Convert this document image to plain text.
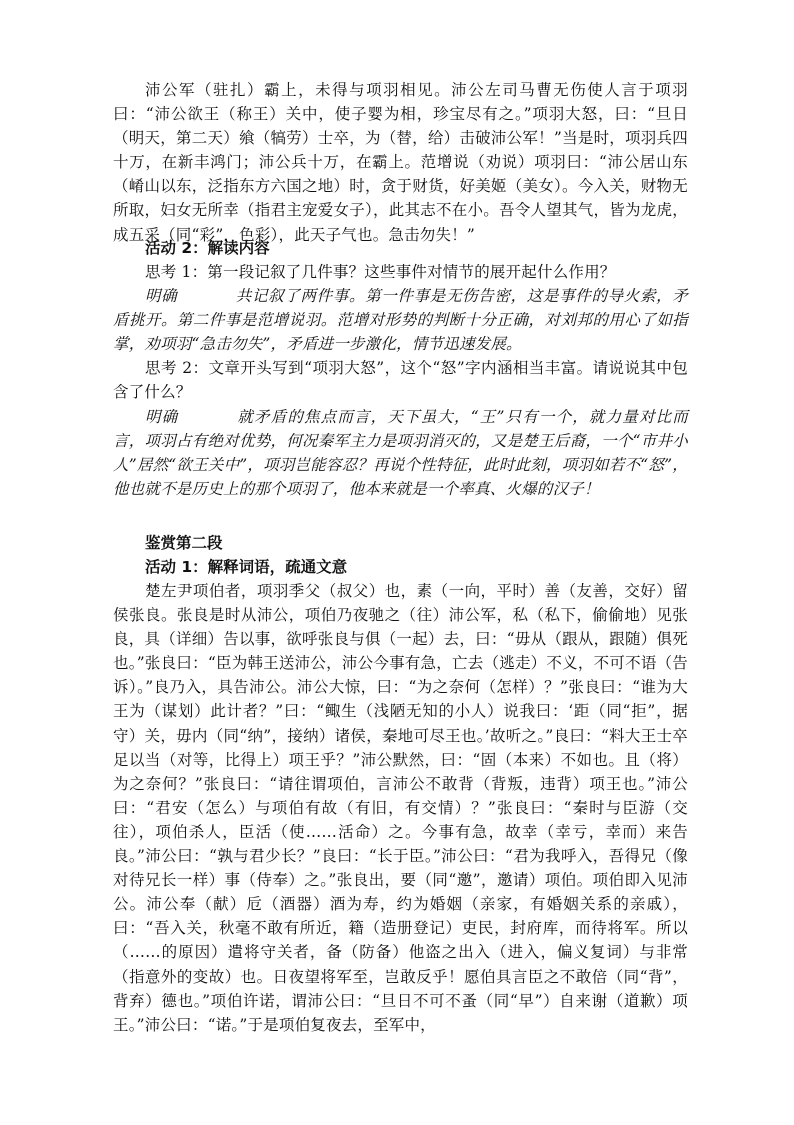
沛公军（驻扎）霸上，未得与项羽相见。沛公左司马曹无伤使人言于项羽曰：“沛公欲王（称王）关中，使子婴为相，珍宝尽有之。”项羽大怒，曰：“旦日（明天，第二天）飨（犒劳）士卒，为（替，给）击破沛公军！”当是时，项羽兵四十万，在新丰鸿门；沛公兵十万，在霸上。范增说（劝说）项羽曰：“沛公居山东（崤山以东，泛指东方六国之地）时，贪于财货，好美姬（美女）。今入关，财物无所取，妇女无所幸（指君主宠爱女子），此其志不在小。吾令人望其气，皆为龙虎，成五采（同“彩”，色彩），此天子气也。急击勿失！”
活动 2：解读内容
思考 1：第一段记叙了几件事？这些事件对情节的展开起什么作用？
明确	共记叙了两件事。第一件事是无伤告密，这是事件的导火索，矛盾挑开。第二件事是范增说羽。范增对形势的判断十分正确，对刘邦的用心了如指掌，劝项羽“急击勿失”，矛盾进一步激化，情节迅速发展。
思考 2：文章开头写到“项羽大怒”，这个“怒”字内涵相当丰富。请说说其中包含了什么？
明确	就矛盾的焦点而言，天下虽大，“王”只有一个，就力量对比而言，项羽占有绝对优势，何况秦军主力是项羽消灭的，又是楚王后裔，一个“市井小人”居然“欲王关中”，项羽岂能容忍？再说个性特征，此时此刻，项羽如若不“怒”，他也就不是历史上的那个项羽了，他本来就是一个率真、火爆的汉子！
鉴赏第二段
活动 1：解释词语，疏通文意
楚左尹项伯者，项羽季父（叔父）也，素（一向，平时）善（友善，交好）留侯张良。张良是时从沛公，项伯乃夜驰之（往）沛公军，私（私下，偷偷地）见张良，具（详细）告以事，欲呼张良与俱（一起）去，曰：“毋从（跟从，跟随）俱死也。”张良曰：“臣为韩王送沛公，沛公今事有急，亡去（逃走）不义，不可不语（告诉）。”良乃入，具告沛公。沛公大惊，曰：“为之奈何（怎样）？”张良曰：“谁为大王为（谋划）此计者？”曰：“鲰生（浅陋无知的小人）说我曰：‘距（同“拒”，据守）关，毋内（同“纳”，接纳）诸侯，秦地可尽王也。’故听之。”良曰：“料大王士卒足以当（对等，比得上）项王乎？”沛公默然，曰：“固（本来）不如也。且（将）为之奈何？”张良曰：“请往谓项伯，言沛公不敢背（背叛，违背）项王也。”沛公曰：“君安（怎么）与项伯有故（有旧，有交情）？”张良曰：“秦时与臣游（交往），项伯杀人，臣活（使……活命）之。今事有急，故幸（幸亏，幸而）来告良。”沛公曰：“孰与君少长？”良曰：“长于臣。”沛公曰：“君为我呼入，吾得兄（像对待兄长一样）事（侍奉）之。”张良出，要（同“邀”，邀请）项伯。项伯即入见沛公。沛公奉（献）卮（酒器）酒为寿，约为婚姻（亲家，有婚姻关系的亲戚），曰：“吾入关，秋毫不敢有所近，籍（造册登记）吏民，封府库，而待将军。所以（……的原因）遣将守关者，备（防备）他盗之出入（进入，偏义复词）与非常（指意外的变故）也。日夜望将军至，岂敢反乎！愿伯具言臣之不敢倍（同“背”，背弃）德也。”项伯许诺，谓沛公曰：“旦日不可不蚤（同“早”）自来谢（道歉）项王。”沛公曰：“诺。”于是项伯复夜去，至军中，
